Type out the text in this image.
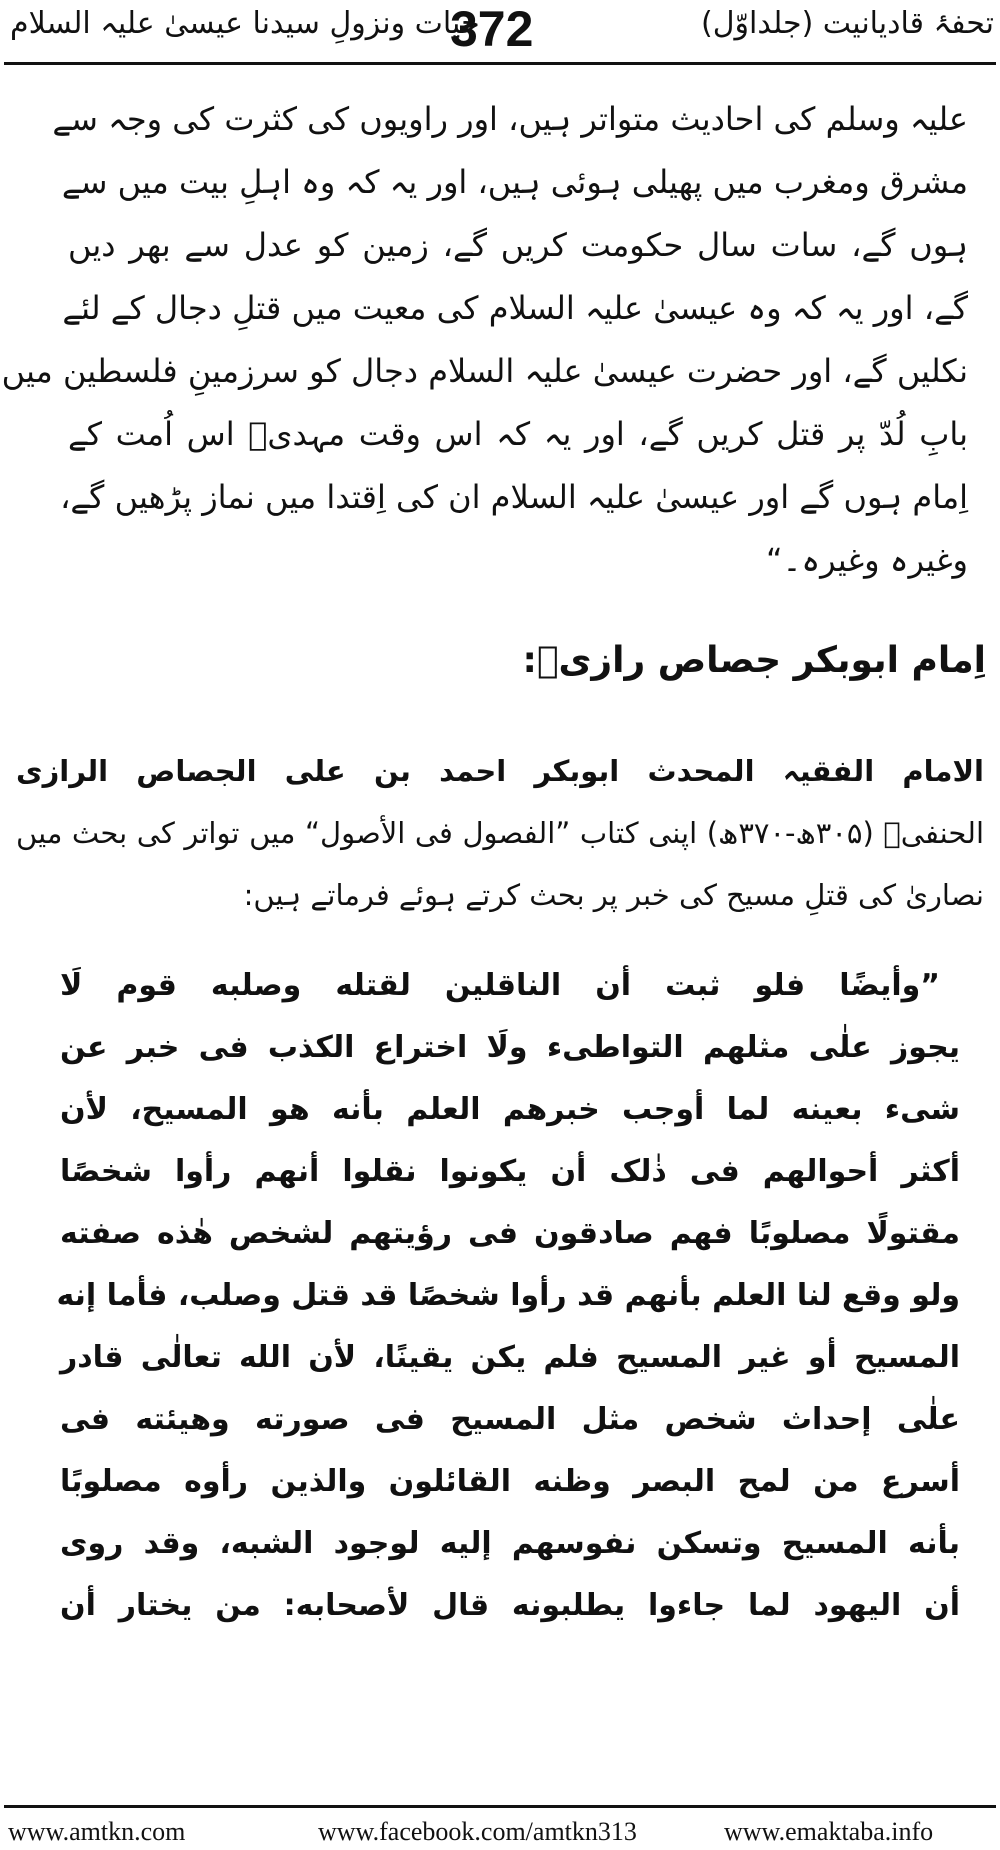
تحفۂ قادیانیت (جلداوّل)
372
حیات ونزولِ سیدنا عیسیٰ علیہ السلام
علیہ وسلم کی احادیث متواتر ہیں، اور راویوں کی کثرت کی وجہ سے
مشرق ومغرب میں پھیلی ہوئی ہیں، اور یہ کہ وہ اہلِ بیت میں سے
ہوں گے، سات سال حکومت کریں گے، زمین کو عدل سے بھر دیں
گے، اور یہ کہ وہ عیسیٰ علیہ السلام کی معیت میں قتلِ دجال کے لئے
نکلیں گے، اور حضرت عیسیٰ علیہ السلام دجال کو سرزمینِ فلسطین میں
بابِ لُدّ پر قتل کریں گے، اور یہ کہ اس وقت مہدیؓ اس اُمت کے
اِمام ہوں گے اور عیسیٰ علیہ السلام ان کی اِقتدا میں نماز پڑھیں گے،
وغیرہ وغیرہ۔“
اِمام ابوبکر جصاص رازیؒ:
الامام الفقیہ المحدث ابوبکر احمد بن علی الجصاص الرازی
الحنفیؒ (۳۰۵ھ-۳۷۰ھ) اپنی کتاب ”الفصول فی الأصول“ میں تواتر کی بحث میں
نصاریٰ کی قتلِ مسیح کی خبر پر بحث کرتے ہوئے فرماتے ہیں:
”وأیضًا فلو ثبت أن الناقلین لقتله وصلبه قوم لَا
یجوز علٰی مثلهم التواطیء ولَا اختراع الکذب فی خبر عن
شیء بعینه لما أوجب خبرهم العلم بأنه هو المسیح، لأن
أکثر أحوالهم فی ذٰلک أن یکونوا نقلوا أنهم رأوا شخصًا
مقتولًا مصلوبًا فهم صادقون فی رؤیتهم لشخص هٰذه صفته
ولو وقع لنا العلم بأنهم قد رأوا شخصًا قد قتل وصلب، فأما إنه
المسیح أو غیر المسیح فلم یکن یقینًا، لأن الله تعالٰی قادر
علٰی إحداث شخص مثل المسیح فی صورته وهیئته فی
أسرع من لمح البصر وظنه القائلون والذین رأوه مصلوبًا
بأنه المسیح وتسکن نفوسهم إلیه لوجود الشبه، وقد روی
أن الیهود لما جاءوا یطلبونه قال لأصحابه: من یختار أن
www.amtkn.com	www.facebook.com/amtkn313	www.emaktaba.info
